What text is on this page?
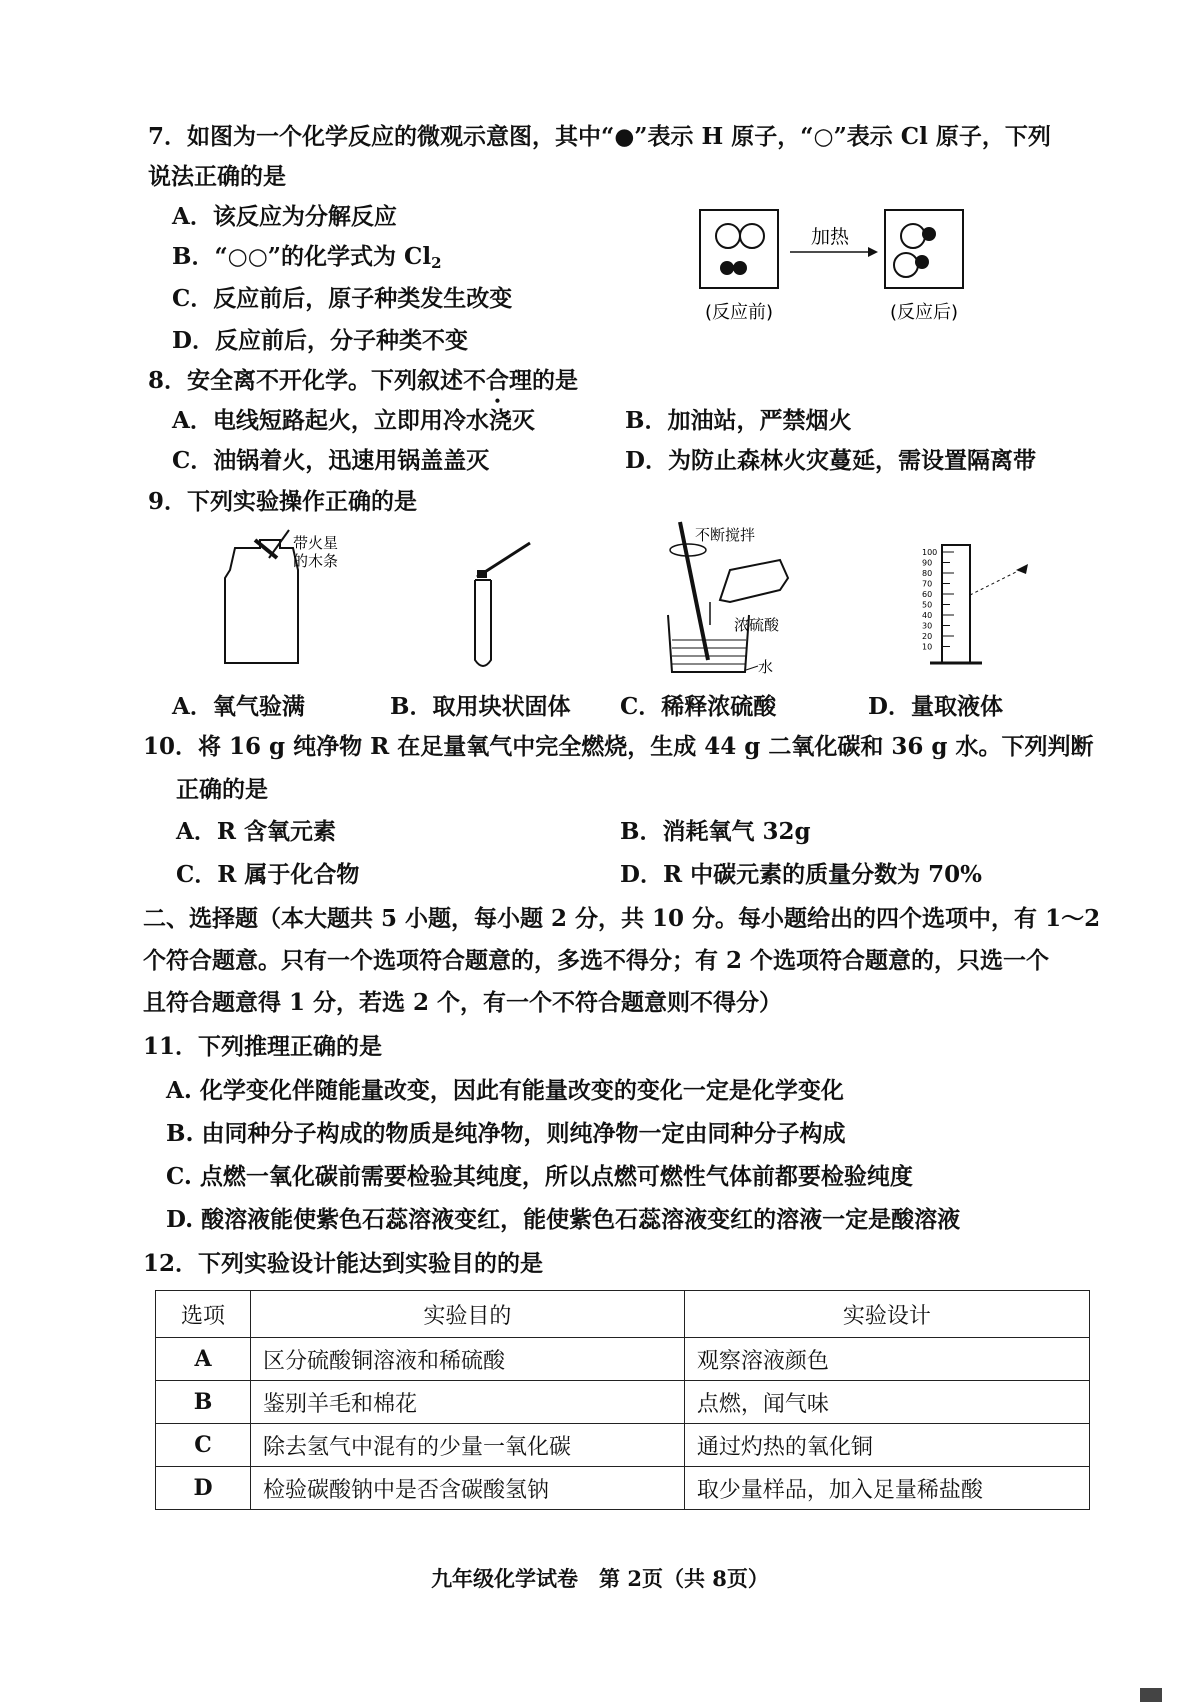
7．如图为一个化学反应的微观示意图，其中“●”表示 H 原子，“○”表示 Cl 原子，下列
说法正确的是
A．该反应为分解反应
B．“○○”的化学式为 $Cl_2$
C．反应前后，原子种类发生改变
D．反应前后，分子种类不变
加热
(反应前)	(反应后)
8．安全离不开化学。下列叙述不合理的是
A．电线短路起火，立即用冷水浇灭	B．加油站，严禁烟火
C．油锅着火，迅速用锅盖盖灭	D．为防止森林火灾蔓延，需设置隔离带
9．下列实验操作正确的是
带火星
的木条
不断搅拌
浓硫酸
水
100
90
80
70
60
50
40
30
20
10
A．氧气验满	B．取用块状固体 C．稀释浓硫酸	D．量取液体
10．将 16 g 纯净物 R 在足量氧气中完全燃烧，生成 44 g 二氧化碳和 36 g 水。下列判断
正确的是
A．R 含氧元素	B．消耗氧气 32g
C．R 属于化合物	D．R 中碳元素的质量分数为 70%
二、选择题（本大题共 5 小题，每小题 2 分，共 10 分。每小题给出的四个选项中，有 1～2
个符合题意。只有一个选项符合题意的，多选不得分；有 2 个选项符合题意的，只选一个
且符合题意得 1 分，若选 2 个，有一个不符合题意则不得分）
11．下列推理正确的是
A. 化学变化伴随能量改变，因此有能量改变的变化一定是化学变化
B. 由同种分子构成的物质是纯净物，则纯净物一定由同种分子构成
C. 点燃一氧化碳前需要检验其纯度，所以点燃可燃性气体前都要检验纯度
D. 酸溶液能使紫色石蕊溶液变红，能使紫色石蕊溶液变红的溶液一定是酸溶液
12．下列实验设计能达到实验目的的是
选项	实验目的	实验设计
A	区分硫酸铜溶液和稀硫酸	观察溶液颜色
B	鉴别羊毛和棉花	点燃，闻气味
C	除去氢气中混有的少量一氧化碳	通过灼热的氧化铜
D	检验碳酸钠中是否含碳酸氢钠	取少量样品，加入足量稀盐酸
九年级化学试卷　第 2页（共 8页）
